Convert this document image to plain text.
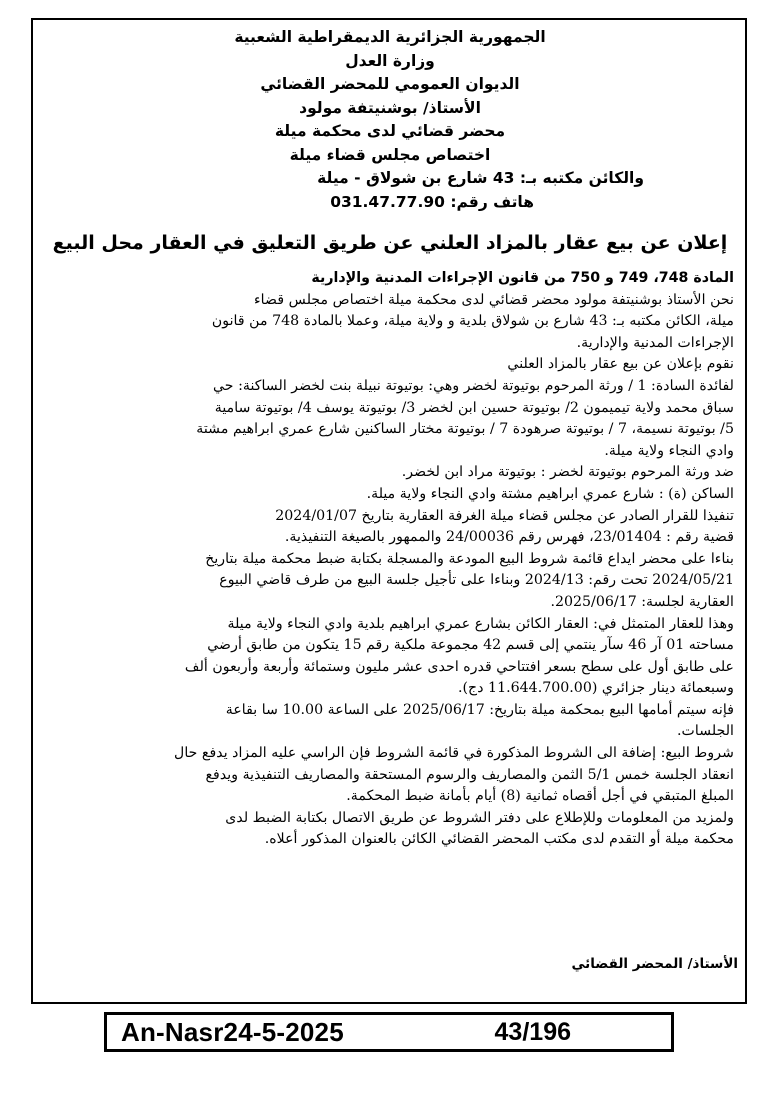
الجمهورية الجزائرية الديمقراطية الشعبية
وزارة العدل
الديوان العمومي للمحضر القضائي
الأستاذ/ بوشنيتفة مولود
محضر قضائي لدى محكمة ميلة
اختصاص مجلس قضاء ميلة
والكائن مكتبه بـ: 43 شارع بن شولاق - ميلة
هاتف رقم: 031.47.77.90
إعلان عن بيع عقار بالمزاد العلني عن طريق التعليق في العقار محل البيع
المادة 748، 749 و 750 من قانون الإجراءات المدنية والإدارية
نحن الأستاذ بوشنيتفة مولود محضر قضائي لدى محكمة ميلة اختصاص مجلس قضاء
ميلة، الكائن مكتبه بـ: 43 شارع بن شولاق بلدية و ولاية ميلة، وعملا بالمادة 748 من قانون
الإجراءات المدنية والإدارية.
نقوم بإعلان عن بيع عقار بالمزاد العلني
لفائدة السادة: 1 / ورثة المرحوم بوتيوتة لخضر وهي: بوتيوتة نبيلة بنت لخضر الساكنة: حي
سباق محمد ولاية تيميمون 2/ بوتيوتة حسين ابن لخضر 3/ بوتيوتة يوسف 4/ بوتيوتة سامية
5/ بوتيوتة نسيمة، 7 / بوتيوتة صرهودة 7 / بوتيوتة مختار الساكنين شارع عمري ابراهيم مشتة
وادي النجاء ولاية ميلة.
ضد ورثة المرحوم بوتيوتة لخضر : بوتيوتة مراد ابن لخضر.
الساكن (ة) : شارع عمري ابراهيم مشتة وادي النجاء ولاية ميلة.
تنفيذا للقرار الصادر عن مجلس قضاء ميلة الغرفة العقارية بتاريخ 2024/01/07
قضية رقم : 23/01404، فهرس رقم 24/00036 والممهور بالصيغة التنفيذية.
بناءا على محضر ايداع قائمة شروط البيع المودعة والمسجلة بكتابة ضبط محكمة ميلة بتاريخ
2024/05/21 تحت رقم: 2024/13 وبناءا على تأجيل جلسة البيع من طرف قاضي البيوع
العقارية لجلسة: 2025/06/17.
وهذا للعقار المتمثل في: العقار الكائن بشارع عمري ابراهيم بلدية وادي النجاء ولاية ميلة
مساحته 01 آر 46 سآر ينتمي إلى قسم 42 مجموعة ملكية رقم 15 يتكون من طابق أرضي
على طابق أول على سطح بسعر افتتاحي قدره احدى عشر مليون وستمائة وأربعة وأربعون ألف
وسبعمائة دينار جزائري (11.644.700.00 دج).
فإنه سيتم أمامها البيع بمحكمة ميلة بتاريخ: 2025/06/17 على الساعة 10.00 سا بقاعة
الجلسات.
شروط البيع: إضافة الى الشروط المذكورة في قائمة الشروط فإن الراسي عليه المزاد يدفع حال
انعقاد الجلسة خمس 5/1 الثمن والمصاريف والرسوم المستحقة والمصاريف التنفيذية ويدفع
المبلغ المتبقي في أجل أقصاه ثمانية (8) أيام بأمانة ضبط المحكمة.
ولمزيد من المعلومات وللإطلاع على دفتر الشروط عن طريق الاتصال بكتابة الضبط لدى
محكمة ميلة أو التقدم لدى مكتب المحضر القضائي الكائن بالعنوان المذكور أعلاه.
الأستاذ/ المحضر القضائي
An-Nasr24-5-2025	43/196
